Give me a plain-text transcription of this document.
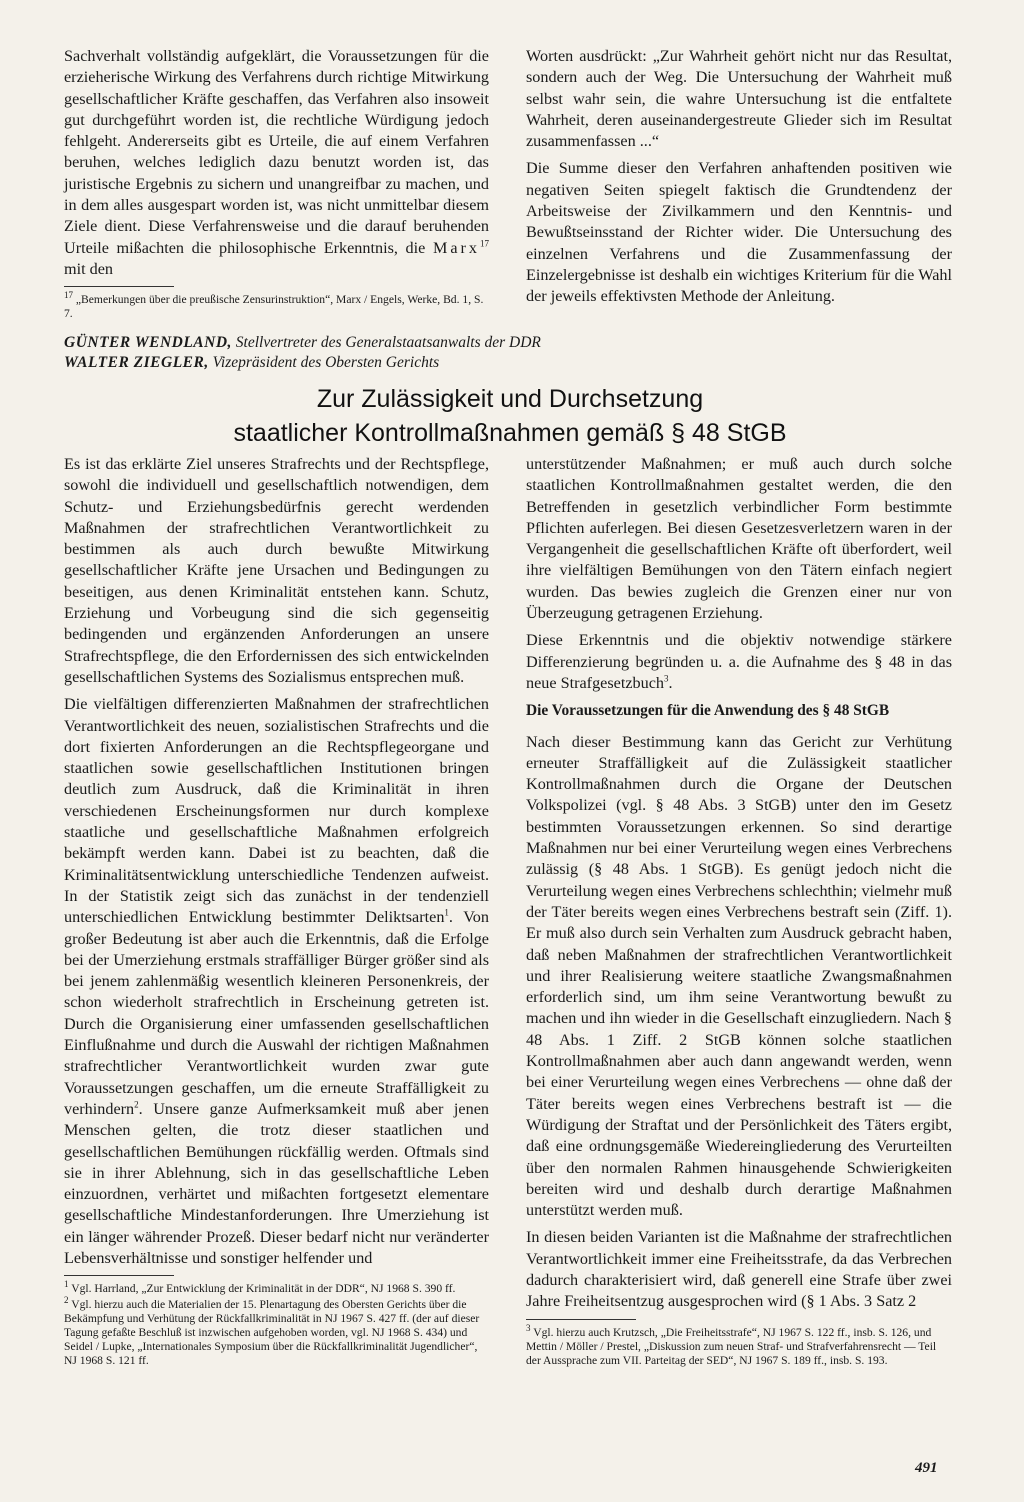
Sachverhalt vollständig aufgeklärt, die Voraussetzungen für die erzieherische Wirkung des Verfahrens durch richtige Mitwirkung gesellschaftlicher Kräfte geschaffen, das Verfahren also insoweit gut durchgeführt worden ist, die rechtliche Würdigung jedoch fehlgeht. Andererseits gibt es Urteile, die auf einem Verfahren beruhen, welches lediglich dazu benutzt worden ist, das juristische Ergebnis zu sichern und unangreifbar zu machen, und in dem alles ausgespart worden ist, was nicht unmittelbar diesem Ziele dient. Diese Verfahrensweise und die darauf beruhenden Urteile mißachten die philosophische Erkenntnis, die Marx$^{17}$ mit den

$^{17}$ „Bemerkungen über die preußische Zensurinstruktion“, Marx / Engels, Werke, Bd. 1, S. 7.

Worten ausdrückt: „Zur Wahrheit gehört nicht nur das Resultat, sondern auch der Weg. Die Untersuchung der Wahrheit muß selbst wahr sein, die wahre Untersuchung ist die entfaltete Wahrheit, deren auseinandergestreute Glieder sich im Resultat zusammenfassen ...“

Die Summe dieser den Verfahren anhaftenden positiven wie negativen Seiten spiegelt faktisch die Grundtendenz der Arbeitsweise der Zivilkammern und den Kenntnis- und Bewußtseinsstand der Richter wider. Die Untersuchung des einzelnen Verfahrens und die Zusammenfassung der Einzelergebnisse ist deshalb ein wichtiges Kriterium für die Wahl der jeweils effektivsten Methode der Anleitung.

GÜNTER WENDLAND, Stellvertreter des Generalstaatsanwalts der DDR
WALTER ZIEGLER, Vizepräsident des Obersten Gerichts
Zur Zulässigkeit und Durchsetzung
staatlicher Kontrollmaßnahmen gemäß § 48 StGB

Es ist das erklärte Ziel unseres Strafrechts und der Rechtspflege, sowohl die individuell und gesellschaftlich notwendigen, dem Schutz- und Erziehungsbedürfnis gerecht werdenden Maßnahmen der strafrechtlichen Verantwortlichkeit zu bestimmen als auch durch bewußte Mitwirkung gesellschaftlicher Kräfte jene Ursachen und Bedingungen zu beseitigen, aus denen Kriminalität entstehen kann. Schutz, Erziehung und Vorbeugung sind die sich gegenseitig bedingenden und ergänzenden Anforderungen an unsere Strafrechtspflege, die den Erfordernissen des sich entwickelnden gesellschaftlichen Systems des Sozialismus entsprechen muß.

Die vielfältigen differenzierten Maßnahmen der strafrechtlichen Verantwortlichkeit des neuen, sozialistischen Strafrechts und die dort fixierten Anforderungen an die Rechtspflegeorgane und staatlichen sowie gesellschaftlichen Institutionen bringen deutlich zum Ausdruck, daß die Kriminalität in ihren verschiedenen Erscheinungsformen nur durch komplexe staatliche und gesellschaftliche Maßnahmen erfolgreich bekämpft werden kann. Dabei ist zu beachten, daß die Kriminalitätsentwicklung unterschiedliche Tendenzen aufweist. In der Statistik zeigt sich das zunächst in der tendenziell unterschiedlichen Entwicklung bestimmter Deliktsarten$^1$. Von großer Bedeutung ist aber auch die Erkenntnis, daß die Erfolge bei der Umerziehung erstmals straffälliger Bürger größer sind als bei jenem zahlenmäßig wesentlich kleineren Personenkreis, der schon wiederholt strafrechtlich in Erscheinung getreten ist. Durch die Organisierung einer umfassenden gesellschaftlichen Einflußnahme und durch die Auswahl der richtigen Maßnahmen strafrechtlicher Verantwortlichkeit wurden zwar gute Voraussetzungen geschaffen, um die erneute Straffälligkeit zu verhindern$^2$. Unsere ganze Aufmerksamkeit muß aber jenen Menschen gelten, die trotz dieser staatlichen und gesellschaftlichen Bemühungen rückfällig werden. Oftmals sind sie in ihrer Ablehnung, sich in das gesellschaftliche Leben einzuordnen, verhärtet und mißachten fortgesetzt elementare gesellschaftliche Mindestanforderungen. Ihre Umerziehung ist ein länger währender Prozeß. Dieser bedarf nicht nur veränderter Lebensverhältnisse und sonstiger helfender und

$^1$ Vgl. Harrland, „Zur Entwicklung der Kriminalität in der DDR“, NJ 1968 S. 390 ff.

$^2$ Vgl. hierzu auch die Materialien der 15. Plenartagung des Obersten Gerichts über die Bekämpfung und Verhütung der Rückfallkriminalität in NJ 1967 S. 427 ff. (der auf dieser Tagung gefaßte Beschluß ist inzwischen aufgehoben worden, vgl. NJ 1968 S. 434) und Seidel / Lupke, „Internationales Symposium über die Rückfallkriminalität Jugendlicher“, NJ 1968 S. 121 ff.

unterstützender Maßnahmen; er muß auch durch solche staatlichen Kontrollmaßnahmen gestaltet werden, die den Betreffenden in gesetzlich verbindlicher Form bestimmte Pflichten auferlegen. Bei diesen Gesetzesverletzern waren in der Vergangenheit die gesellschaftlichen Kräfte oft überfordert, weil ihre vielfältigen Bemühungen von den Tätern einfach negiert wurden. Das bewies zugleich die Grenzen einer nur von Überzeugung getragenen Erziehung.

Diese Erkenntnis und die objektiv notwendige stärkere Differenzierung begründen u. a. die Aufnahme des § 48 in das neue Strafgesetzbuch$^3$.

Die Voraussetzungen für die Anwendung des § 48 StGB

Nach dieser Bestimmung kann das Gericht zur Verhütung erneuter Straffälligkeit auf die Zulässigkeit staatlicher Kontrollmaßnahmen durch die Organe der Deutschen Volkspolizei (vgl. § 48 Abs. 3 StGB) unter den im Gesetz bestimmten Voraussetzungen erkennen. So sind derartige Maßnahmen nur bei einer Verurteilung wegen eines Verbrechens zulässig (§ 48 Abs. 1 StGB). Es genügt jedoch nicht die Verurteilung wegen eines Verbrechens schlechthin; vielmehr muß der Täter bereits wegen eines Verbrechens bestraft sein (Ziff. 1). Er muß also durch sein Verhalten zum Ausdruck gebracht haben, daß neben Maßnahmen der strafrechtlichen Verantwortlichkeit und ihrer Realisierung weitere staatliche Zwangsmaßnahmen erforderlich sind, um ihm seine Verantwortung bewußt zu machen und ihn wieder in die Gesellschaft einzugliedern. Nach § 48 Abs. 1 Ziff. 2 StGB können solche staatlichen Kontrollmaßnahmen aber auch dann angewandt werden, wenn bei einer Verurteilung wegen eines Verbrechens — ohne daß der Täter bereits wegen eines Verbrechens bestraft ist — die Würdigung der Straftat und der Persönlichkeit des Täters ergibt, daß eine ordnungsgemäße Wiedereingliederung des Verurteilten über den normalen Rahmen hinausgehende Schwierigkeiten bereiten wird und deshalb durch derartige Maßnahmen unterstützt werden muß.

In diesen beiden Varianten ist die Maßnahme der strafrechtlichen Verantwortlichkeit immer eine Freiheitsstrafe, da das Verbrechen dadurch charakterisiert wird, daß generell eine Strafe über zwei Jahre Freiheitsentzug ausgesprochen wird (§ 1 Abs. 3 Satz 2

$^3$ Vgl. hierzu auch Krutzsch, „Die Freiheitsstrafe“, NJ 1967 S. 122 ff., insb. S. 126, und Mettin / Möller / Prestel, „Diskussion zum neuen Straf- und Strafverfahrensrecht — Teil der Aussprache zum VII. Parteitag der SED“, NJ 1967 S. 189 ff., insb. S. 193.

491
